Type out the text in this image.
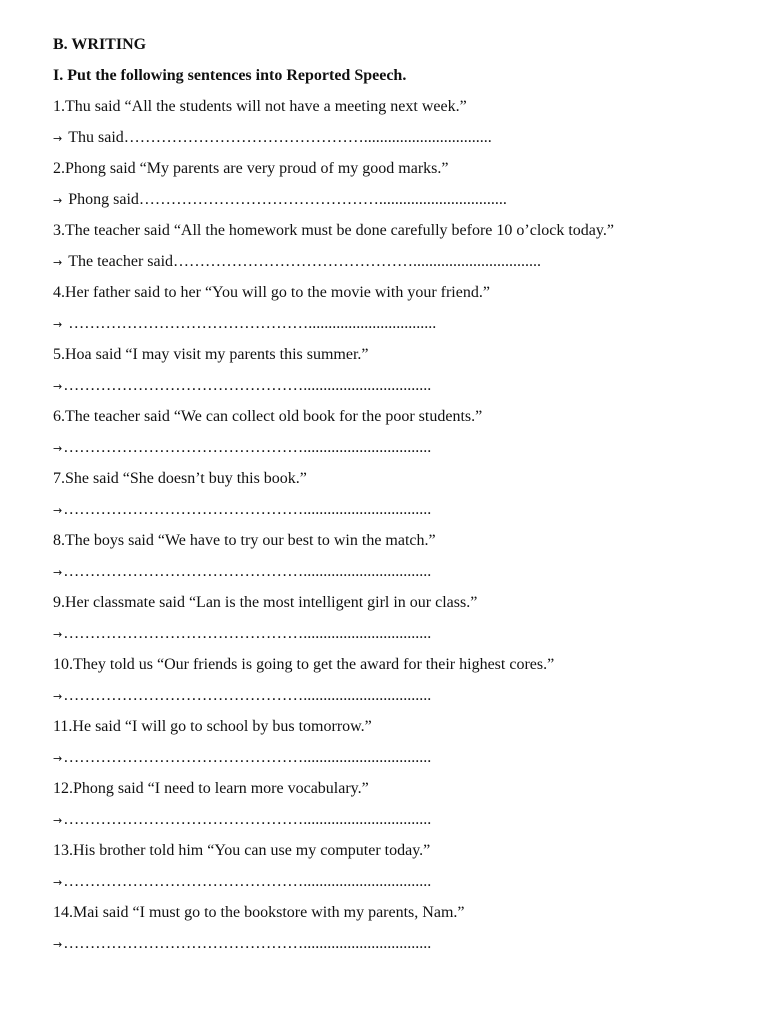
B. WRITING
I. Put the following sentences into Reported Speech.
1.Thu said “All the students will not have a meeting next week.”
→ Thu said………………………………………................................
2.Phong said “My parents are very proud of my good marks.”
→ Phong said………………………………………................................
3.The teacher said “All the homework must be done carefully before 10 o’clock today.”
→ The teacher said………………………………………................................
4.Her father said to her “You will go to the movie with your friend.”
→ ………………………………………................................
5.Hoa said “I may visit my parents this summer.”
→………………………………………................................
6.The teacher said “We can collect old book for the poor students.”
→………………………………………................................
7.She said “She doesn’t buy this book.”
→………………………………………................................
8.The boys said “We have to try our best to win the match.”
→………………………………………................................
9.Her classmate said “Lan is the most intelligent girl in our class.”
→………………………………………................................
10.They told us “Our friends is going to get the award for their highest cores.”
→………………………………………................................
11.He said “I will go to school by bus tomorrow.”
→………………………………………................................
12.Phong said “I need to learn more vocabulary.”
→………………………………………................................
13.His brother told him “You can use my computer today.”
→………………………………………................................
14.Mai said “I must go to the bookstore with my parents, Nam.”
→………………………………………................................
